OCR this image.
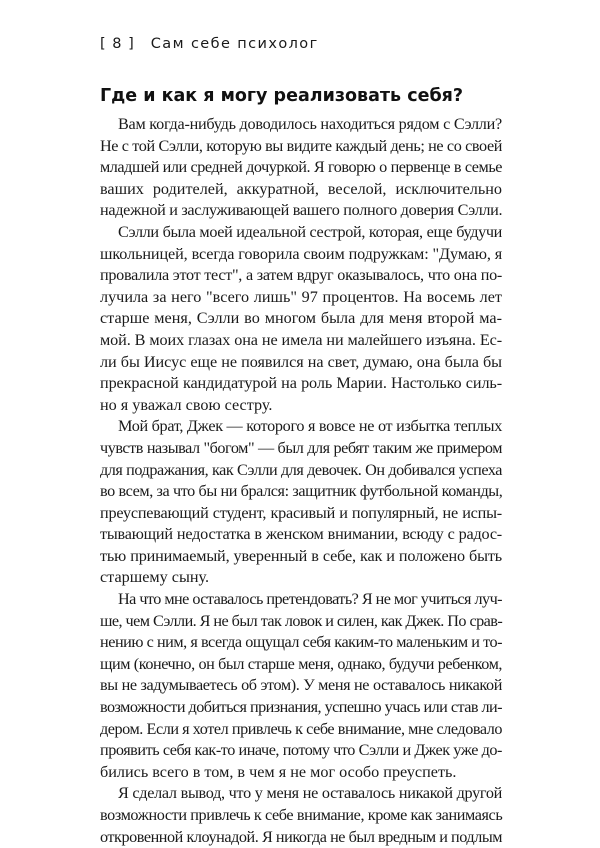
[ 8 ] Сам себе психолог
Где и как я могу реализовать себя?
Вам когда-нибудь доводилось находиться рядом с Сэлли?
Не с той Сэлли, которую вы видите каждый день; не со своей
младшей или средней дочуркой. Я говорю о первенце в семье
ваших родителей, аккуратной, веселой, исключительно
надежной и заслуживающей вашего полного доверия Сэлли.
Сэлли была моей идеальной сестрой, которая, еще будучи
школьницей, всегда говорила своим подружкам: "Думаю, я
провалила этот тест", а затем вдруг оказывалось, что она по-
лучила за него "всего лишь" 97 процентов. На восемь лет
старше меня, Сэлли во многом была для меня второй ма-
мой. В моих глазах она не имела ни малейшего изъяна. Ес-
ли бы Иисус еще не появился на свет, думаю, она была бы
прекрасной кандидатурой на роль Марии. Настолько силь-
но я уважал свою сестру.
Мой брат, Джек — которого я вовсе не от избытка теплых
чувств называл "богом" — был для ребят таким же примером
для подражания, как Сэлли для девочек. Он добивался успеха
во всем, за что бы ни брался: защитник футбольной команды,
преуспевающий студент, красивый и популярный, не испы-
тывающий недостатка в женском внимании, всюду с радос-
тью принимаемый, уверенный в себе, как и положено быть
старшему сыну.
На что мне оставалось претендовать? Я не мог учиться луч-
ше, чем Сэлли. Я не был так ловок и силен, как Джек. По срав-
нению с ним, я всегда ощущал себя каким-то маленьким и то-
щим (конечно, он был старше меня, однако, будучи ребенком,
вы не задумываетесь об этом). У меня не оставалось никакой
возможности добиться признания, успешно учась или став ли-
дером. Если я хотел привлечь к себе внимание, мне следовало
проявить себя как-то иначе, потому что Сэлли и Джек уже до-
бились всего в том, в чем я не мог особо преуспеть.
Я сделал вывод, что у меня не оставалось никакой другой
возможности привлечь к себе внимание, кроме как занимаясь
откровенной клоунадой. Я никогда не был вредным и подлым
